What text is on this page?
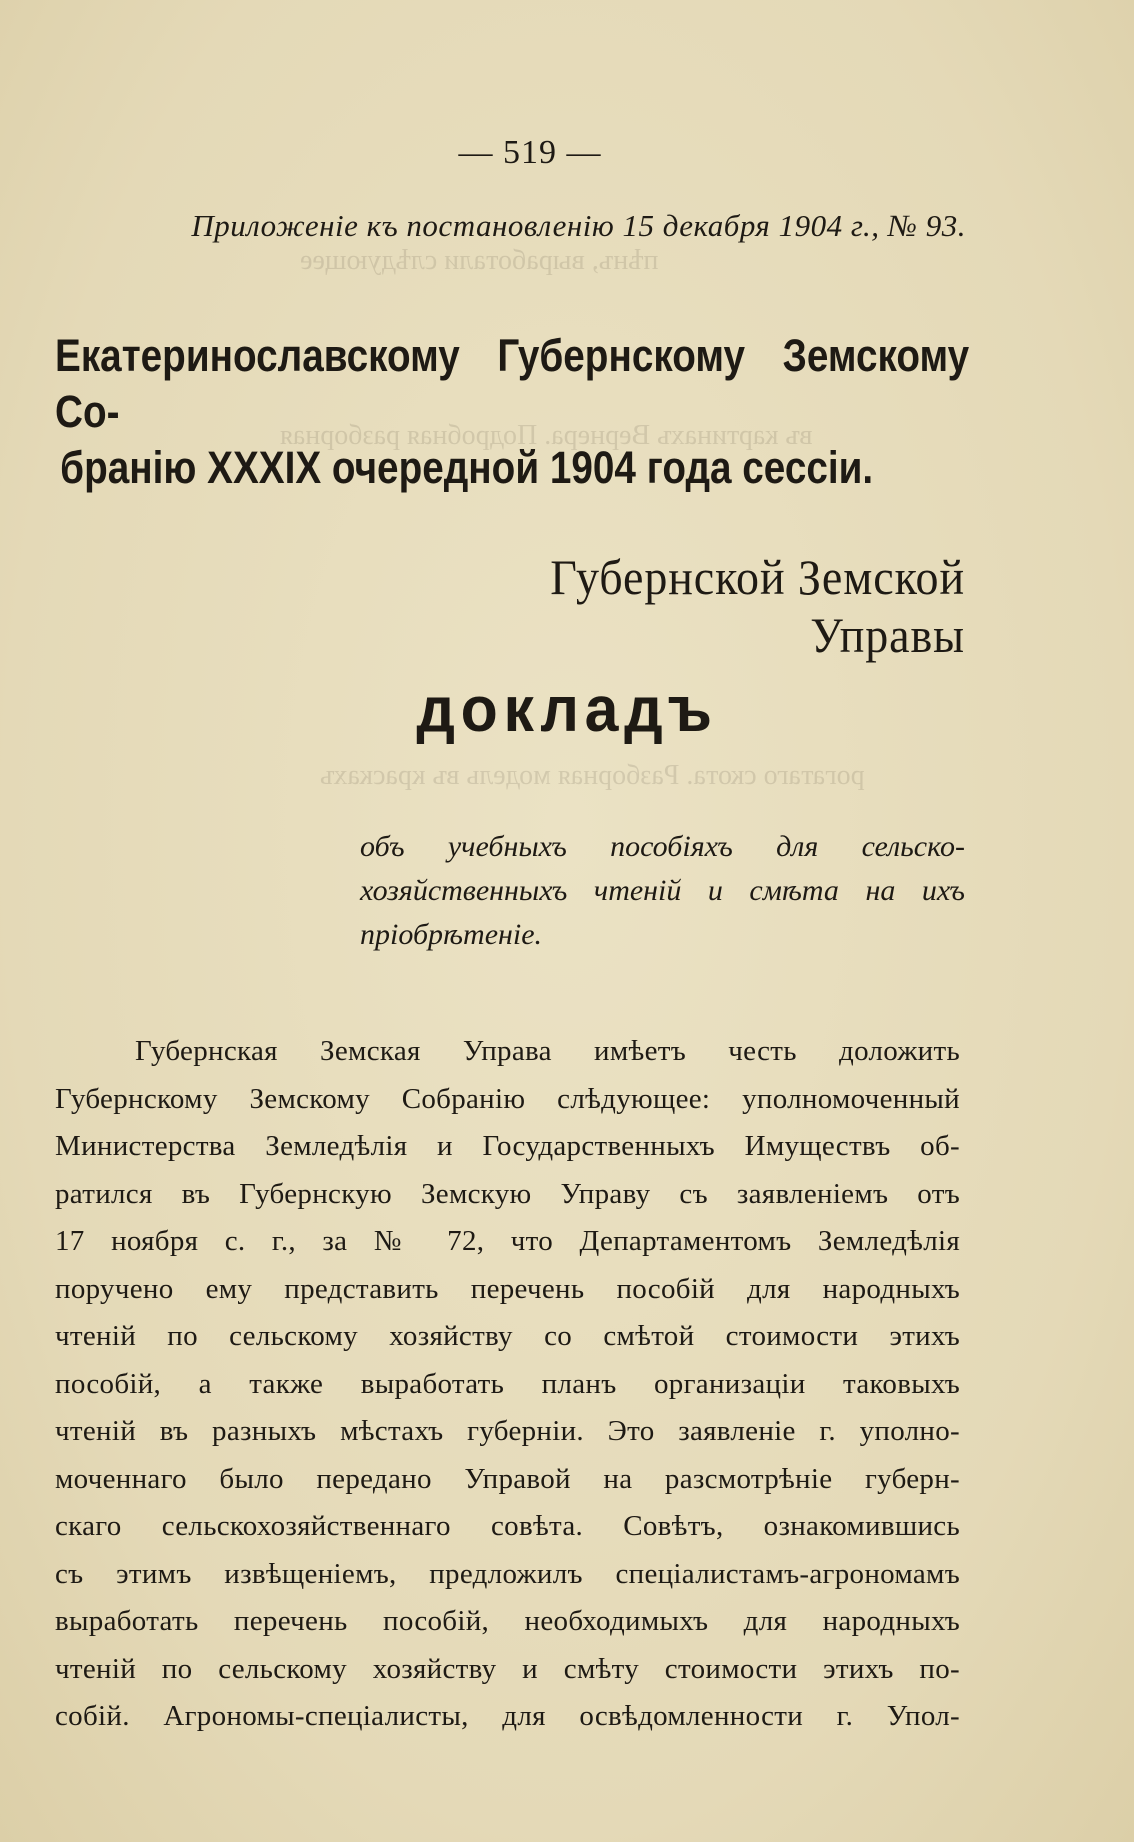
пѣнъ, выработали слѣдующее
въ картинахъ Вернера. Подробная разборная
рогатаго скота. Разборная модель въ краскахъ
— 519 —
Приложеніе къ постановленію 15 декабря 1904 г., № 93.
Екатеринославскому Губернскому Земскому Со-
бранію XXXIX очередной 1904 года сессіи.
Губернской Земской Управы
докладъ
объ учебныхъ пособіяхъ для сельско-
хозяйственныхъ чтеній и смѣта на ихъ
пріобрѣтеніе.
Губернская Земская Управа имѣетъ честь доложить
Губернскому Земскому Собранію слѣдующее: уполномоченный
Министерства Земледѣлія и Государственныхъ Имуществъ об-
ратился въ Губернскую Земскую Управу съ заявленіемъ отъ
17 ноября с. г., за № 72, что Департаментомъ Земледѣлія
поручено ему представить перечень пособій для народныхъ
чтеній по сельскому хозяйству со смѣтой стоимости этихъ
пособій, а также выработать планъ организаціи таковыхъ
чтеній въ разныхъ мѣстахъ губерніи. Это заявленіе г. уполно-
моченнаго было передано Управой на разсмотрѣніе губерн-
скаго сельскохозяйственнаго совѣта. Совѣтъ, ознакомившись
съ этимъ извѣщеніемъ, предложилъ спеціалистамъ-агрономамъ
выработать перечень пособій, необходимыхъ для народныхъ
чтеній по сельскому хозяйству и смѣту стоимости этихъ по-
собій. Агрономы-спеціалисты, для освѣдомленности г. Упол-
